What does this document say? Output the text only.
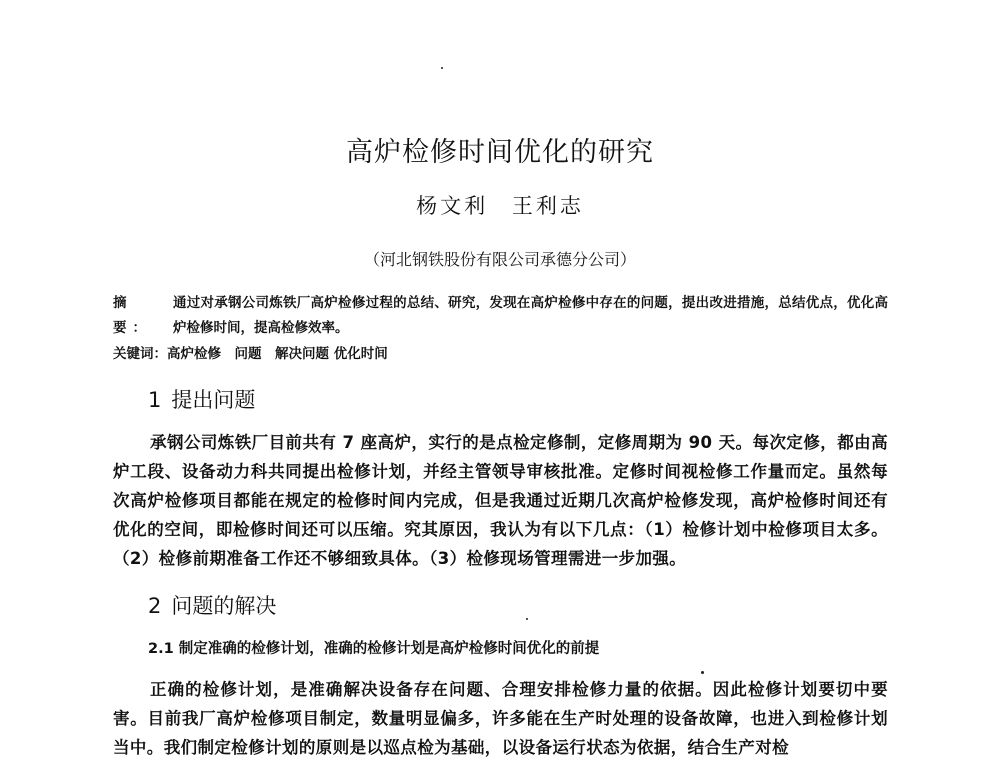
高炉检修时间优化的研究
杨文利 王利志
（河北钢铁股份有限公司承德分公司）
摘 要：
通过对承钢公司炼铁厂高炉检修过程的总结、研究，发现在高炉检修中存在的问题，提出改进措施，总结优点，优化高炉检修时间，提高检修效率。
关键词：高炉检修　问题　解决问题 优化时间
1 提出问题
承钢公司炼铁厂目前共有 7 座高炉，实行的是点检定修制，定修周期为 90 天。每次定修，都由高炉工段、设备动力科共同提出检修计划，并经主管领导审核批准。定修时间视检修工作量而定。虽然每次高炉检修项目都能在规定的检修时间内完成，但是我通过近期几次高炉检修发现，高炉检修时间还有优化的空间，即检修时间还可以压缩。究其原因，我认为有以下几点：（1）检修计划中检修项目太多。（2）检修前期准备工作还不够细致具体。（3）检修现场管理需进一步加强。
2 问题的解决
2.1 制定准确的检修计划，准确的检修计划是高炉检修时间优化的前提
正确的检修计划，是准确解决设备存在问题、合理安排检修力量的依据。因此检修计划要切中要害。目前我厂高炉检修项目制定，数量明显偏多，许多能在生产时处理的设备故障，也进入到检修计划当中。我们制定检修计划的原则是以巡点检为基础，以设备运行状态为依据，结合生产对检
